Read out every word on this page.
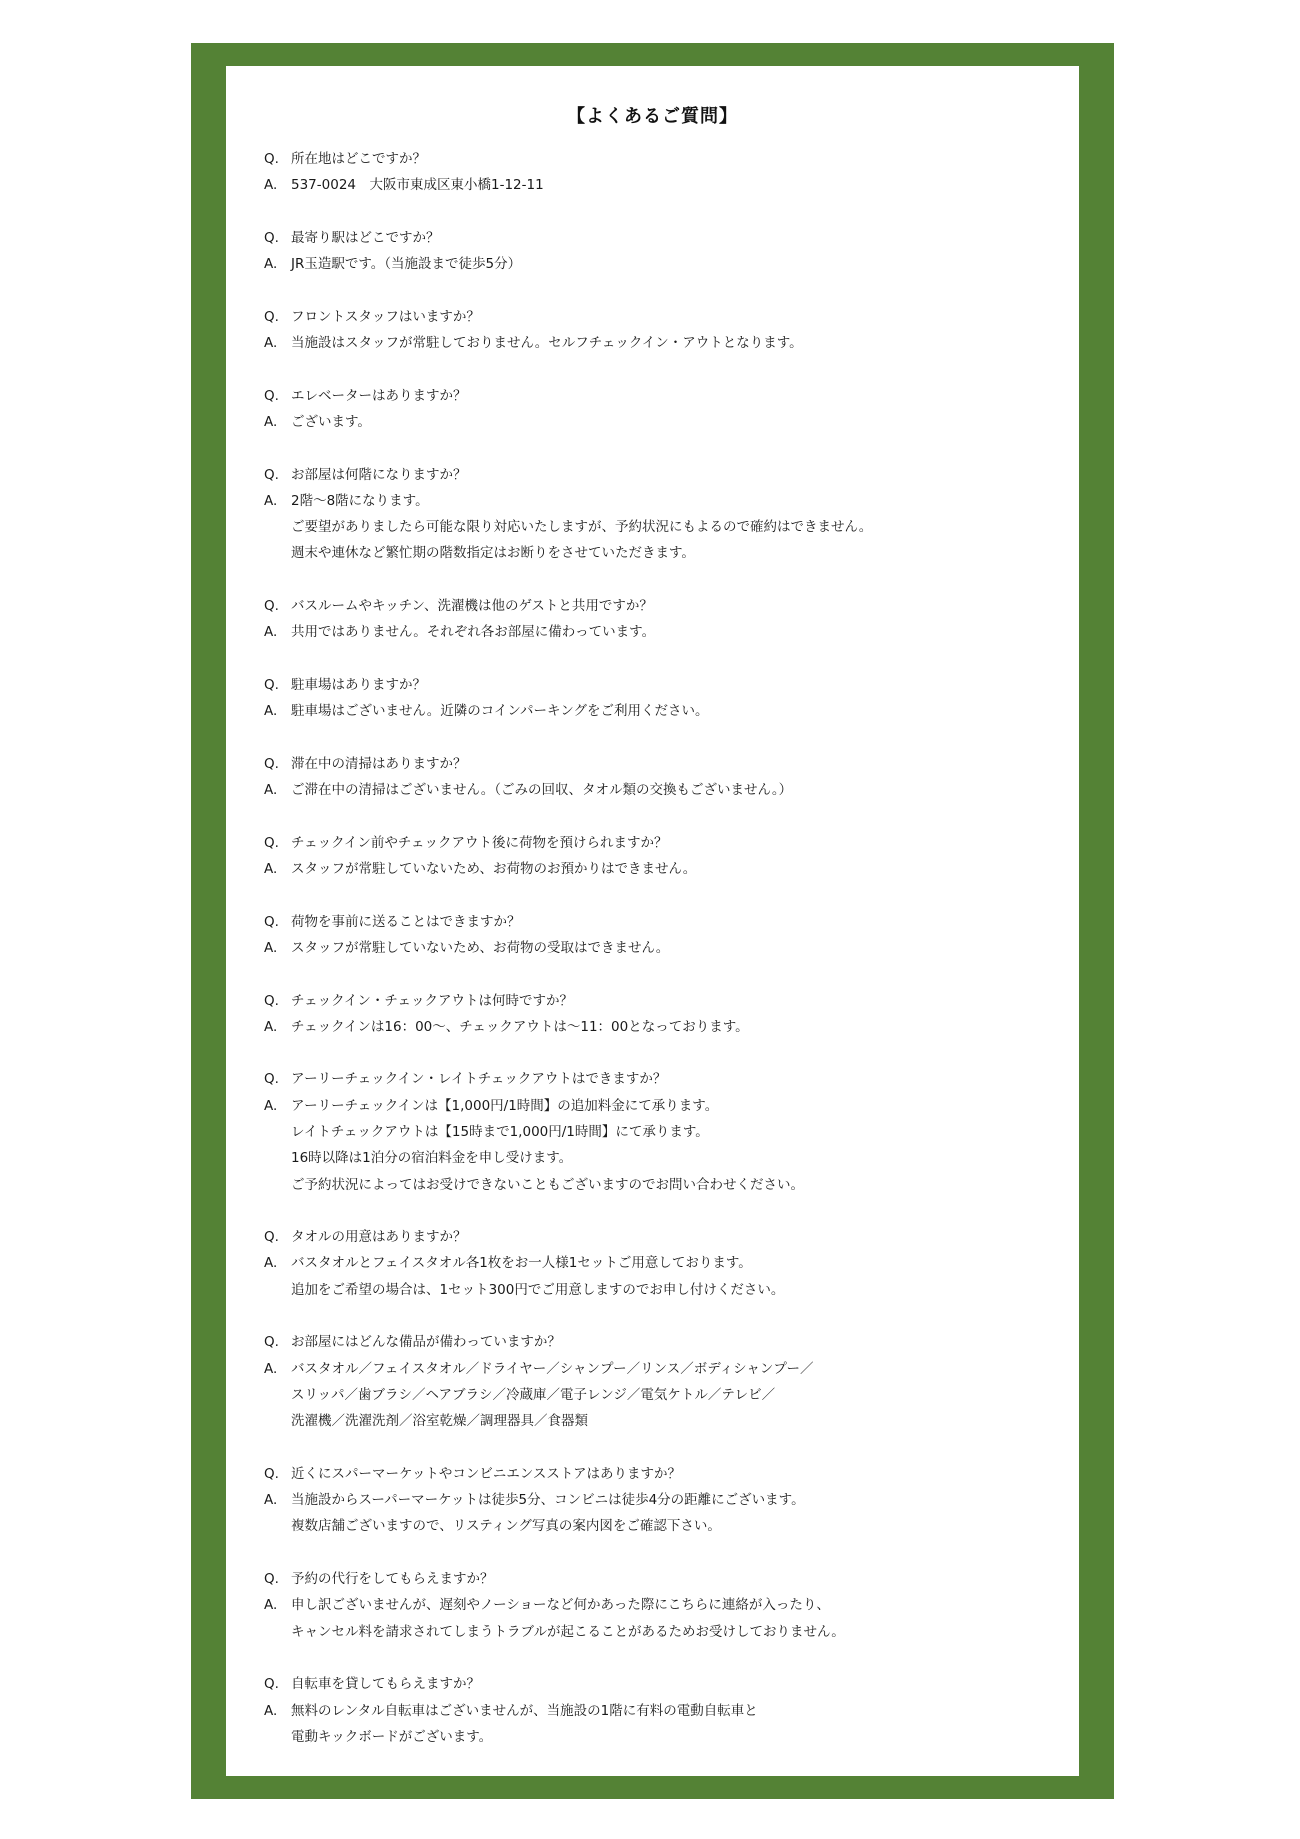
【よくあるご質問】
Q. 所在地はどこですか？
A.	537-0024　大阪市東成区東小橋1-12-11
Q. 最寄り駅はどこですか？
A.	JR玉造駅です。（当施設まで徒歩5分）
Q. フロントスタッフはいますか？
A.	当施設はスタッフが常駐しておりません。セルフチェックイン・アウトとなります。
Q. エレベーターはありますか？
A.	ございます。
Q. お部屋は何階になりますか？
A.	2階～8階になります。
ご要望がありましたら可能な限り対応いたしますが、予約状況にもよるので確約はできません。
週末や連休など繁忙期の階数指定はお断りをさせていただきます。
Q. バスルームやキッチン、洗濯機は他のゲストと共用ですか？
A.	共用ではありません。それぞれ各お部屋に備わっています。
Q. 駐車場はありますか？
A.	駐車場はございません。近隣のコインパーキングをご利用ください。
Q. 滞在中の清掃はありますか？
A.	ご滞在中の清掃はございません。（ごみの回収、タオル類の交換もございません。）
Q. チェックイン前やチェックアウト後に荷物を預けられますか？
A.	スタッフが常駐していないため、お荷物のお預かりはできません。
Q. 荷物を事前に送ることはできますか？
A.	スタッフが常駐していないため、お荷物の受取はできません。
Q. チェックイン・チェックアウトは何時ですか？
A.	チェックインは16：00～、チェックアウトは～11：00となっております。
Q. アーリーチェックイン・レイトチェックアウトはできますか？
A.	アーリーチェックインは【1,000円/1時間】の追加料金にて承ります。
レイトチェックアウトは【15時まで1,000円/1時間】にて承ります。
16時以降は1泊分の宿泊料金を申し受けます。
ご予約状況によってはお受けできないこともございますのでお問い合わせください。
Q. タオルの用意はありますか？
A.	バスタオルとフェイスタオル各1枚をお一人様1セットご用意しております。
追加をご希望の場合は、1セット300円でご用意しますのでお申し付けください。
Q. お部屋にはどんな備品が備わっていますか？
A.	バスタオル／フェイスタオル／ドライヤー／シャンプー／リンス／ボディシャンプー／
スリッパ／歯ブラシ／ヘアブラシ／冷蔵庫／電子レンジ／電気ケトル／テレビ／
洗濯機／洗濯洗剤／浴室乾燥／調理器具／食器類
Q. 近くにスパーマーケットやコンビニエンスストアはありますか？
A.	当施設からスーパーマーケットは徒歩5分、コンビニは徒歩4分の距離にございます。
複数店舗ございますので、リスティング写真の案内図をご確認下さい。
Q. 予約の代行をしてもらえますか？
A.	申し訳ございませんが、遅刻やノーショーなど何かあった際にこちらに連絡が入ったり、
キャンセル料を請求されてしまうトラブルが起こることがあるためお受けしておりません。
Q. 自転車を貸してもらえますか？
A.	無料のレンタル自転車はございませんが、当施設の1階に有料の電動自転車と
電動キックボードがございます。
